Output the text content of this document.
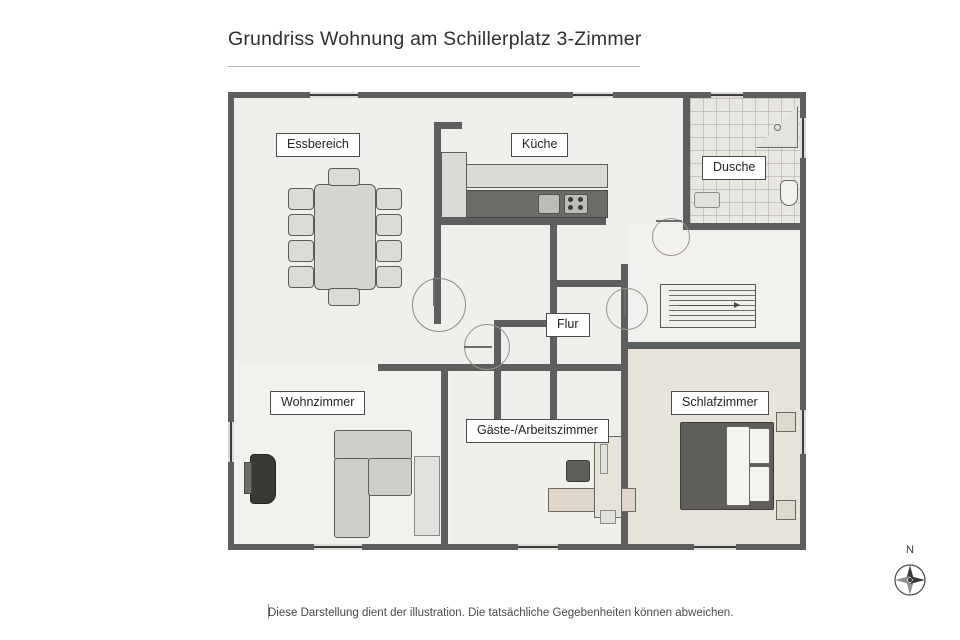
Grundriss Wohnung am Schillerplatz 3-Zimmer
Essbereich	Küche
Dusche
Flur
Wohnzimmer
Gäste-/Arbeitszimmer
Schlafzimmer
Diese Darstellung dient der illustration. Die tatsächliche Gegebenheiten können abweichen.
N
